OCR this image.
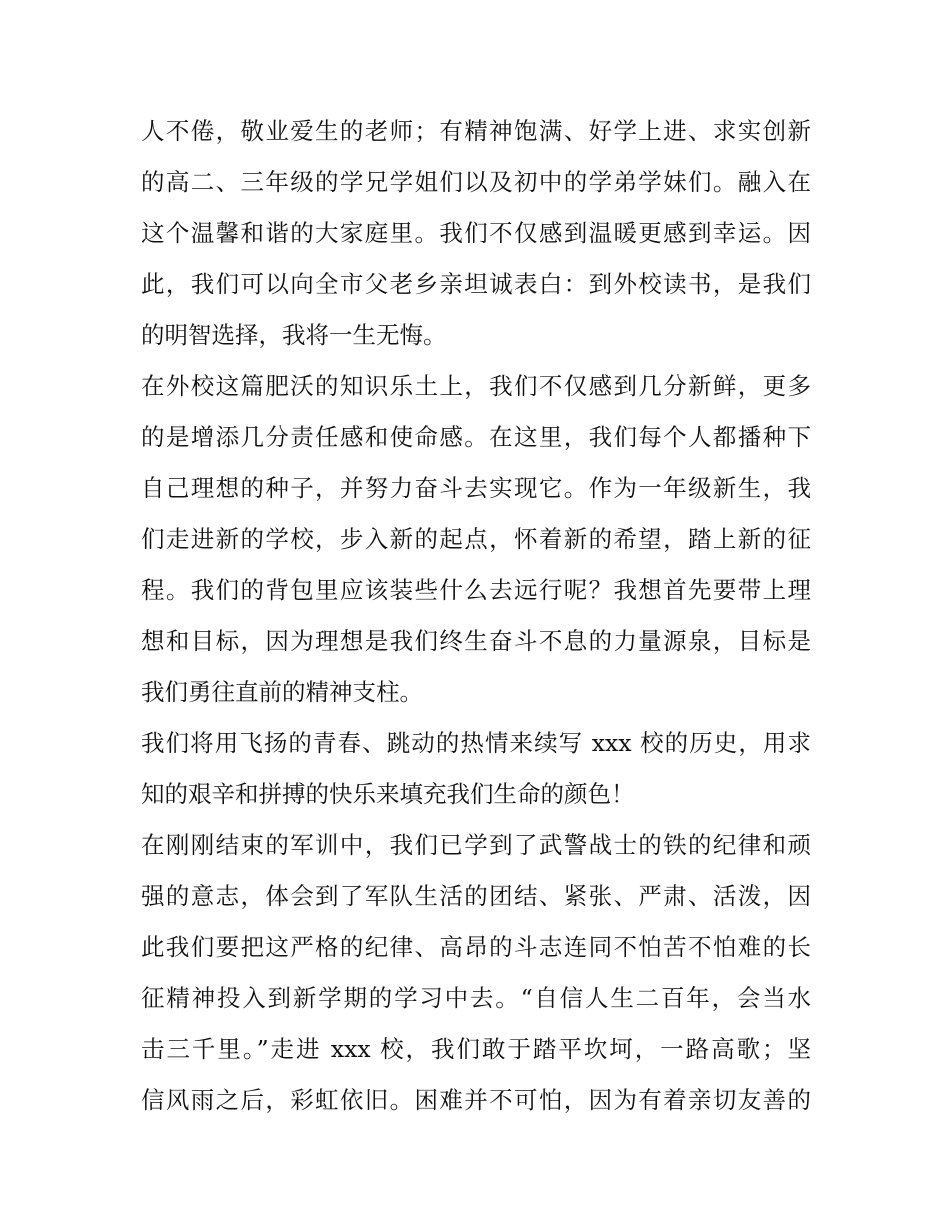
人不倦，敬业爱生的老师；有精神饱满、好学上进、求实创新
的高二、三年级的学兄学姐们以及初中的学弟学妹们。融入在
这个温馨和谐的大家庭里。我们不仅感到温暖更感到幸运。因
此，我们可以向全市父老乡亲坦诚表白：到外校读书，是我们
的明智选择，我将一生无悔。
在外校这篇肥沃的知识乐土上，我们不仅感到几分新鲜，更多
的是增添几分责任感和使命感。在这里，我们每个人都播种下
自己理想的种子，并努力奋斗去实现它。作为一年级新生，我
们走进新的学校，步入新的起点，怀着新的希望，踏上新的征
程。我们的背包里应该装些什么去远行呢？我想首先要带上理
想和目标，因为理想是我们终生奋斗不息的力量源泉，目标是
我们勇往直前的精神支柱。
我们将用飞扬的青春、跳动的热情来续写 xxx 校的历史，用求
知的艰辛和拼搏的快乐来填充我们生命的颜色！
在刚刚结束的军训中，我们已学到了武警战士的铁的纪律和顽
强的意志，体会到了军队生活的团结、紧张、严肃、活泼，因
此我们要把这严格的纪律、高昂的斗志连同不怕苦不怕难的长
征精神投入到新学期的学习中去。“自信人生二百年，会当水
击三千里。”走进 xxx 校，我们敢于踏平坎坷，一路高歌；坚
信风雨之后，彩虹依旧。困难并不可怕，因为有着亲切友善的
